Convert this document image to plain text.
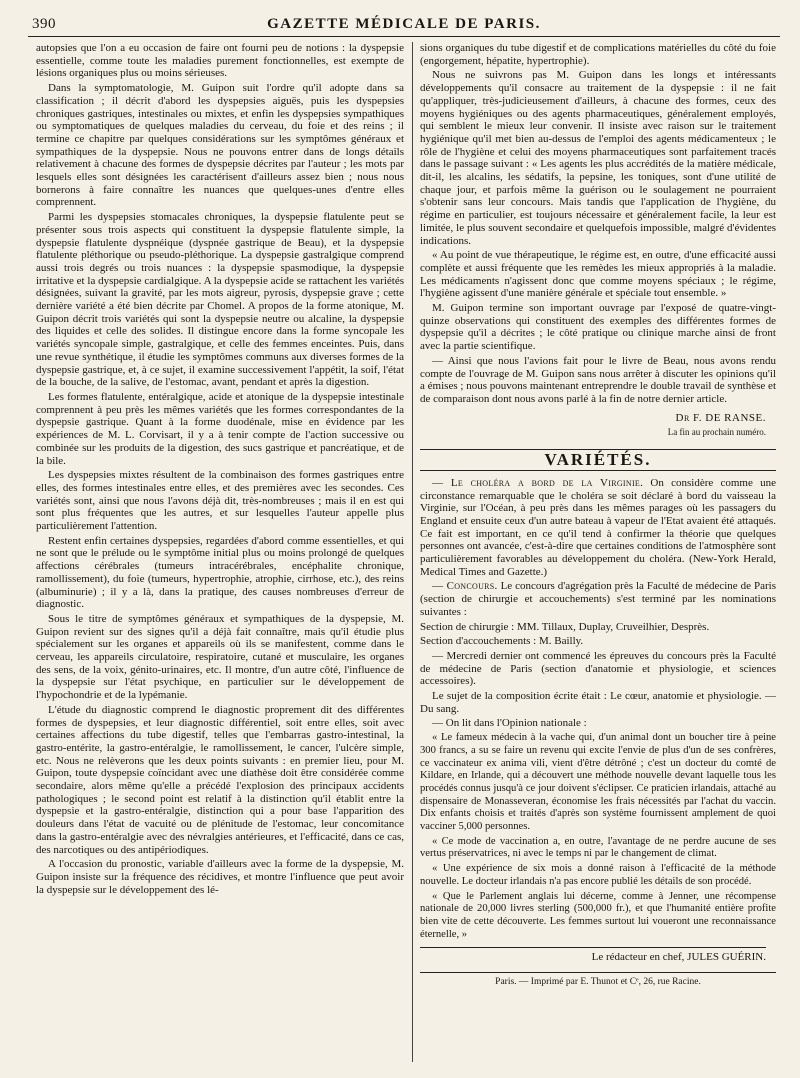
390	GAZETTE MÉDICALE DE PARIS.

autopsies que l'on a eu occasion de faire ont fourni peu de notions : la dyspepsie essentielle, comme toute les maladies purement fonctionnelles, est exempte de lésions organiques plus ou moins sérieuses.

Dans la symptomatologie, M. Guipon suit l'ordre qu'il adopte dans sa classification ; il décrit d'abord les dyspepsies aiguës, puis les dyspepsies chroniques gastriques, intestinales ou mixtes, et enfin les dyspepsies sympathiques ou symptomatiques de quelques maladies du cerveau, du foie et des reins ; il termine ce chapitre par quelques considérations sur les symptômes généraux et sympathiques de la dyspepsie. Nous ne pouvons entrer dans de longs détails relativement à chacune des formes de dyspepsie décrites par l'auteur ; les mots par lesquels elles sont désignées les caractérisent d'ailleurs assez bien ; nous nous bornerons à faire connaître les nuances que quelques-unes d'entre elles comprennent.

Parmi les dyspepsies stomacales chroniques, la dyspepsie flatulente peut se présenter sous trois aspects qui constituent la dyspepsie flatulente simple, la dyspepsie flatulente dyspnéique (dyspnée gastrique de Beau), et la dyspepsie flatulente pléthorique ou pseudo-pléthorique. La dyspepsie gastralgique comprend aussi trois degrés ou trois nuances : la dyspepsie spasmodique, la dyspepsie irritative et la dyspepsie cardialgique. A la dyspepsie acide se rattachent les variétés désignées, suivant la gravité, par les mots aigreur, pyrosis, dyspepsie grave ; cette dernière variété a été bien décrite par Chomel. A propos de la forme atonique, M. Guipon décrit trois variétés qui sont la dyspepsie neutre ou alcaline, la dyspepsie des liquides et celle des solides. Il distingue encore dans la forme syncopale les variétés syncopale simple, gastralgique, et celle des femmes enceintes. Puis, dans une revue synthétique, il étudie les symptômes communs aux diverses formes de la dyspepsie gastrique, et, à ce sujet, il examine successivement l'appétit, la soif, l'état de la bouche, de la salive, de l'estomac, avant, pendant et après la digestion.

Les formes flatulente, entéralgique, acide et atonique de la dyspepsie intestinale comprennent à peu près les mêmes variétés que les formes correspondantes de la dyspepsie gastrique. Quant à la forme duodénale, mise en évidence par les expériences de M. L. Corvisart, il y a à tenir compte de l'action successive ou combinée sur les produits de la digestion, des sucs gastrique et pancréatique, et de la bile.

Les dyspepsies mixtes résultent de la combinaison des formes gastriques entre elles, des formes intestinales entre elles, et des premières avec les secondes. Ces variétés sont, ainsi que nous l'avons déjà dit, très-nombreuses ; mais il en est qui sont plus fréquentes que les autres, et sur lesquelles l'auteur appelle plus particulièrement l'attention.

Restent enfin certaines dyspepsies, regardées d'abord comme essentielles, et qui ne sont que le prélude ou le symptôme initial plus ou moins prolongé de quelques affections cérébrales (tumeurs intracérébrales, encéphalite chronique, ramollissement), du foie (tumeurs, hypertrophie, atrophie, cirrhose, etc.), des reins (albuminurie) ; il y a là, dans la pratique, des causes nombreuses d'erreur de diagnostic.

Sous le titre de symptômes généraux et sympathiques de la dyspepsie, M. Guipon revient sur des signes qu'il a déjà fait connaître, mais qu'il étudie plus spécialement sur les organes et appareils où ils se manifestent, comme dans le cerveau, les appareils circulatoire, respiratoire, cutané et musculaire, les organes des sens, de la voix, génito-urinaires, etc. Il montre, d'un autre côté, l'influence de la dyspepsie sur l'état psychique, en particulier sur le développement de l'hypochondrie et de la lypémanie.

L'étude du diagnostic comprend le diagnostic proprement dit des différentes formes de dyspepsies, et leur diagnostic différentiel, soit entre elles, soit avec certaines affections du tube digestif, telles que l'embarras gastro-intestinal, la gastro-entérite, la gastro-entéralgie, le ramollissement, le cancer, l'ulcère simple, etc. Nous ne relèverons que les deux points suivants : en premier lieu, pour M. Guipon, toute dyspepsie coïncidant avec une diathèse doit être considérée comme secondaire, alors même qu'elle a précédé l'explosion des principaux accidents pathologiques ; le second point est relatif à la distinction qu'il établit entre la dyspepsie et la gastro-entéralgie, distinction qui a pour base l'apparition des douleurs dans l'état de vacuité ou de plénitude de l'estomac, leur concomitance dans la gastro-entéralgie avec des névralgies antérieures, et l'efficacité, dans ce cas, des narcotiques ou des antipériodiques.

A l'occasion du pronostic, variable d'ailleurs avec la forme de la dyspepsie, M. Guipon insiste sur la fréquence des récidives, et montre l'influence que peut avoir la dyspepsie sur le développement des lé-

sions organiques du tube digestif et de complications matérielles du côté du foie (engorgement, hépatite, hypertrophie).

Nous ne suivrons pas M. Guipon dans les longs et intéressants développements qu'il consacre au traitement de la dyspepsie : il ne fait qu'appliquer, très-judicieusement d'ailleurs, à chacune des formes, ceux des moyens hygiéniques ou des agents pharmaceutiques, généralement employés, qui semblent le mieux leur convenir. Il insiste avec raison sur le traitement hygiénique qu'il met bien au-dessus de l'emploi des agents médicamenteux ; le rôle de l'hygiène et celui des moyens pharmaceutiques sont parfaitement tracés dans le passage suivant : « Les agents les plus accrédités de la matière médicale, dit-il, les alcalins, les sédatifs, la pepsine, les toniques, sont d'une utilité de chaque jour, et parfois même la guérison ou le soulagement ne pourraient s'obtenir sans leur concours. Mais tandis que l'application de l'hygiène, du régime en particulier, est toujours nécessaire et généralement facile, la leur est limitée, le plus souvent secondaire et quelquefois impossible, malgré d'évidentes indications.

« Au point de vue thérapeutique, le régime est, en outre, d'une efficacité aussi complète et aussi fréquente que les remèdes les mieux appropriés à la maladie. Les médicaments n'agissent donc que comme moyens spéciaux ; le régime, l'hygiène agissent d'une manière générale et spéciale tout ensemble. »

M. Guipon termine son important ouvrage par l'exposé de quatre-vingt-quinze observations qui constituent des exemples des différentes formes de dyspepsie qu'il a décrites ; le côté pratique ou clinique marche ainsi de front avec la partie scientifique.

— Ainsi que nous l'avions fait pour le livre de Beau, nous avons rendu compte de l'ouvrage de M. Guipon sans nous arrêter à discuter les opinions qu'il a émises ; nous pouvons maintenant entreprendre le double travail de synthèse et de comparaison dont nous avons parlé à la fin de notre dernier article.

Dr F. DE RANSE.
La fin au prochain numéro.
VARIÉTÉS.

— Le choléra a bord de la Virginie. On considère comme une circonstance remarquable que le choléra se soit déclaré à bord du vaisseau la Virginie, sur l'Océan, à peu près dans les mêmes parages où les passagers du England et ensuite ceux d'un autre bateau à vapeur de l'Etat avaient été attaqués. Ce fait est important, en ce qu'il tend à confirmer la théorie que quelques personnes ont avancée, c'est-à-dire que certaines conditions de l'atmosphère sont particulièrement favorables au développement du choléra. (New-York Herald, Medical Times and Gazette.)

— Concours. Le concours d'agrégation près la Faculté de médecine de Paris (section de chirurgie et accouchements) s'est terminé par les nominations suivantes :

Section de chirurgie : MM. Tillaux, Duplay, Cruveilhier, Desprès.

Section d'accouchements : M. Bailly.

— Mercredi dernier ont commencé les épreuves du concours près la Faculté de médecine de Paris (section d'anatomie et physiologie, et sciences accessoires).

Le sujet de la composition écrite était : Le cœur, anatomie et physiologie. — Du sang.

— On lit dans l'Opinion nationale :

« Le fameux médecin à la vache qui, d'un animal dont un boucher tire à peine 300 francs, a su se faire un revenu qui excite l'envie de plus d'un de ses confrères, ce vaccinateur ex anima vili, vient d'être détrôné ; c'est un docteur du comté de Kildare, en Irlande, qui a découvert une méthode nouvelle devant laquelle tous les procédés connus jusqu'à ce jour doivent s'éclipser. Ce praticien irlandais, attaché au dispensaire de Monasseveran, économise les frais nécessités par l'achat du vaccin. Dix enfants choisis et traités d'après son système fournissent amplement de quoi vacciner 5,000 personnes.

« Ce mode de vaccination a, en outre, l'avantage de ne perdre aucune de ses vertus préservatrices, ni avec le temps ni par le changement de climat.

« Une expérience de six mois a donné raison à l'efficacité de la méthode nouvelle. Le docteur irlandais n'a pas encore publié les détails de son procédé.

« Que le Parlement anglais lui décerne, comme à Jenner, une récompense nationale de 20,000 livres sterling (500,000 fr.), et que l'humanité entière profite bien vite de cette découverte. Les femmes surtout lui voueront une reconnaissance éternelle, »

Le rédacteur en chef, JULES GUÉRIN.
Paris. — Imprimé par E. Thunot et Cᵉ, 26, rue Racine.
